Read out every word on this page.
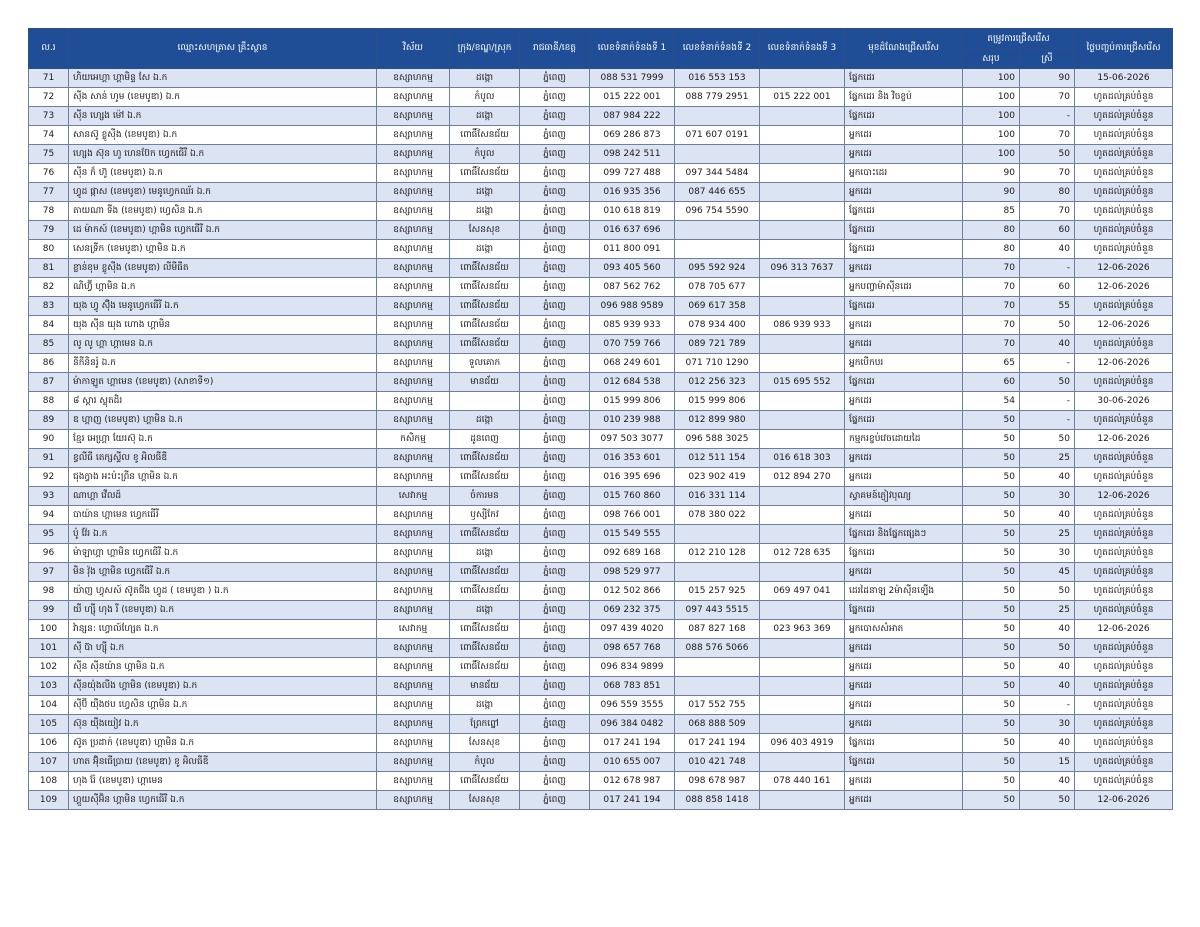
ល.រ	ឈ្មោះសហគ្រាស គ្រឹះស្ថាន	វិស័យ	ក្រុង/ខណ្ឌ/ស្រុក	រាជធានី/ខេត្ត	លេខទំនាក់ទំនងទី 1	លេខទំនាក់ទំនងទី 2	លេខទំនាក់ទំនងទី 3	មុខដំណែងជ្រើសរើស	តម្រូវការជ្រើសរើស		ថ្ងៃបញ្ចប់ការជ្រើសរើស
									សរុប	ស្រី	
71	ហិយអេហ្គា ហ្គាមិន្ទ សែ ឯ.ក	ឧស្សាហកម្ម	ដង្កោ	ភ្នំពេញ	088 531 7999	016 553 153		ផ្នែកដេរ	100	90	15-06-2026
72	ស៊ីង សាន់ ហូម (ខេមបូឌា) ឯ.ក	ឧស្សាហកម្ម	កំបូល	ភ្នំពេញ	015 222 001	088 779 2951	015 222 001	ផ្នែកដេរ និង វិចខ្ចប់	100	70	ហូតដល់គ្រប់ចំនួន
73	ស៊ីន ហ្សេង ម៉ៅ ឯ.ក	ឧស្សាហកម្ម	ដង្កោ	ភ្នំពេញ	087 984 222			ផ្នែកដេរ	100	-	ហូតដល់គ្រប់ចំនួន
74	សានស៊ូ ខ្លូស៊ីង (ខេមបូឌា) ឯ.ក	ឧស្សាហកម្ម	ពោធិ៍សែនជ័យ	ភ្នំពេញ	069 286 873	071 607 0191		អ្នកដេរ	100	70	ហូតដល់គ្រប់ចំនួន
75	ហ្សេង ស៊ុន ហូ ហេនប៊ែក ហ្វេកធើរី ឯ.ក	ឧស្សាហកម្ម	កំបូល	ភ្នំពេញ	098 242 511			អ្នកដេរ	100	50	ហូតដល់គ្រប់ចំនួន
76	ស៊ីន ក៏ ហ៊ូ (ខេមបូឌា) ឯ.ក	ឧស្សាហកម្ម	ពោធិ៍សែនជ័យ	ភ្នំពេញ	099 727 488	097 344 5484		អ្នកបោះដេរ	90	70	ហូតដល់គ្រប់ចំនួន
77	ហ្វូដ ផ្កាស (ខេមបូឌា) មេនូហ្វេកឈ័រ ឯ.ក	ឧស្សាហកម្ម	ដង្កោ	ភ្នំពេញ	016 935 356	087 446 655		អ្នកដេរ	90	80	ហូតដល់គ្រប់ចំនួន
78	តាយណា ទីង (ខេមបូឌា) ហ្វេសិន ឯ.ក	ឧស្សាហកម្ម	ដង្កោ	ភ្នំពេញ	010 618 819	096 754 5590		ផ្នែកដេរ	85	70	ហូតដល់គ្រប់ចំនួន
79	ដេ ម៉ាកស៍ (ខេមបូឌា) ហ្គាមិន ហ្វេកធើរី ឯ.ក	ឧស្សាហកម្ម	សែនសុខ	ភ្នំពេញ	016 637 696			ផ្នែកដេរ	80	60	ហូតដល់គ្រប់ចំនួន
80	សេនទ្រីក (ខេមបូឌា) ហ្គាមិន ឯ.ក	ឧស្សាហកម្ម	ដង្កោ	ភ្នំពេញ	011 800 091			ផ្នែកដេរ	80	40	ហូតដល់គ្រប់ចំនួន
81	ខ្លាន់ខុម ខ្លូស៊ីង (ខេមបូឌា) លីមីធីត	ឧស្សាហកម្ម	ពោធិ៍សែនជ័យ	ភ្នំពេញ	093 405 560	095 592 924	096 313 7637	អ្នកដេរ	70	-	12-06-2026
82	ណិហ្វ៊ី ហ្គាមិន ឯ.ក	ឧស្សាហកម្ម	ពោធិ៍សែនជ័យ	ភ្នំពេញ	087 562 762	078 705 677		អ្នកបញ្ចាម៉ាស៊ីនដេរ	70	60	12-06-2026
83	យុង ហ្វូ ស៊ុីង មេនូហ្វេកធើរី ឯ.ក	ឧស្សាហកម្ម	ពោធិ៍សែនជ័យ	ភ្នំពេញ	096 988 9589	069 617 358		ផ្នែកដេរ	70	55	ហូតដល់គ្រប់ចំនួន
84	យុង ស៊ីន យុង ហោង ហ្គាមិន	ឧស្សាហកម្ម	ពោធិ៍សែនជ័យ	ភ្នំពេញ	085 939 933	078 934 400	086 939 933	អ្នកដេរ	70	50	12-06-2026
85	លូ លូ ហ្គា ហ្គាមេន ឯ.ក	ឧស្សាហកម្ម	ពោធិ៍សែនជ័យ	ភ្នំពេញ	070 759 766	089 721 789		អ្នកដេរ	70	40	ហូតដល់គ្រប់ចំនួន
86	នីកីនិនរ៉ូ ឯ.ក	ឧស្សាហកម្ម	ទួលគោក	ភ្នំពេញ	068 249 601	071 710 1290		អ្នកបើកបរ	65	-	12-06-2026
87	ម៉ាកាឡូត ហ្គាមេន (ខេមបូឌា) (សាខាទី១)	ឧស្សាហកម្ម	មានជ័យ	ភ្នំពេញ	012 684 538	012 256 323	015 695 552	ផ្នែកដេរ	60	50	ហូតដល់គ្រប់ចំនួន
88	៨ ស្តារ ស្លុតដិរ	ឧស្សាហកម្ម		ភ្នំពេញ	015 999 806	015 999 806		អ្នកដេរ	54	-	30-06-2026
89	ឌ ហ្គាញ (ខេមបូឌា) ហ្គាមិន ឯ.ក	ឧស្សាហកម្ម	ដង្កោ	ភ្នំពេញ	010 239 988	012 899 980		ផ្នែកដេរ	50	-	ហូតដល់គ្រប់ចំនួន
90	ខ្មែរ អេហ្គ្រា យែរស៊ុ ឯ.ក	កសិកម្ម	ដូនពេញ	ភ្នំពេញ	097 503 3077	096 588 3025		កម្មករខ្ចប់វេចដោយដៃ	50	50	12-06-2026
91	ខ្វលីធី តេក្សស្ទីល ខូ អិលធីឌី	ឧស្សាហកម្ម	ពោធិ៍សែនជ័យ	ភ្នំពេញ	016 353 601	012 511 154	016 618 303	អ្នកដេរ	50	25	ហូតដល់គ្រប់ចំនួន
92	ជុងក្វាង អះប៉ះព្រីន ហ្គាមិន ឯ.ក	ឧស្សាហកម្ម	ពោធិ៍សែនជ័យ	ភ្នំពេញ	016 395 696	023 902 419	012 894 270	អ្នកដេរ	50	40	ហូតដល់គ្រប់ចំនួន
93	ណាហ្គា វើលដ៍	សេវាកម្ម	ចំការមន	ភ្នំពេញ	015 760 860	016 331 114		ស្វាគមន៍ភ្ញៀវបុណ្យ	50	30	12-06-2026
94	បាយ៉ាន ហ្គាមេន ហ្វេកធើរី	ឧស្សាហកម្ម	ឫស្សីកែវ	ភ្នំពេញ	098 766 001	078 380 022		អ្នកដេរ	50	40	ហូតដល់គ្រប់ចំនួន
95	ប៉ូ វ៉ែរ ឯ.ក	ឧស្សាហកម្ម	ពោធិ៍សែនជ័យ	ភ្នំពេញ	015 549 555			ផ្នែកដេរ និងផ្នែកផ្សេងៗ	50	25	ហូតដល់គ្រប់ចំនួន
96	ម៉ាឡាហ្គា ហ្គាមិន ហ្វេកធើរី ឯ.ក	ឧស្សាហកម្ម	ដង្កោ	ភ្នំពេញ	092 689 168	012 210 128	012 728 635	ផ្នែកដេរ	50	30	ហូតដល់គ្រប់ចំនួន
97	មិន វ៉ុង ហ្គាមិន ហ្វេកធើរី ឯ.ក	ឧស្សាហកម្ម	ពោធិ៍សែនជ័យ	ភ្នំពេញ	098 529 977			អ្នកដេរ	50	45	ហូតដល់គ្រប់ចំនួន
98	យ៉ាញ ហ្វុសស៍ ស៊ូតជីង ហ្វូដ ( ខេមបូឌា ) ឯ.ក	ឧស្សាហកម្ម	ពោធិ៍សែនជ័យ	ភ្នំពេញ	012 502 866	015 257 925	069 497 041	ដេរដៃនាឡ 2ម៉ាស៊ីនទ្បើង	50	50	ហូតដល់គ្រប់ចំនួន
99	យី ហ្សុី ហុង រី (ខេមបូឌា) ឯ.ក	ឧស្សាហកម្ម	ដង្កោ	ភ្នំពេញ	069 232 375	097 443 5515		ផ្នែកដេរ	50	25	ហូតដល់គ្រប់ចំនួន
100	វ៉ាន្សន: ហ្វោល៍ហ្សែត ឯ.ក	សេវាកម្ម	ពោធិ៍សែនជ័យ	ភ្នំពេញ	097 439 4020	087 827 168	023 963 369	អ្នកបោសសំអាត	50	40	12-06-2026
101	ស៊ី ប៊ា ហ្ស៊ី ឯ.ក	ឧស្សាហកម្ម	ពោធិ៍សែនជ័យ	ភ្នំពេញ	098 657 768	088 576 5066		អ្នកដេរ	50	50	ហូតដល់គ្រប់ចំនួន
102	ស៊ីន ស៊ីនយ៉ាន ហ្គាមិន ឯ.ក	ឧស្សាហកម្ម	ពោធិ៍សែនជ័យ	ភ្នំពេញ	096 834 9899			អ្នកដេរ	50	40	ហូតដល់គ្រប់ចំនួន
103	ស៊ីនយ៉ុងលីង ហ្គាមិន (ខេមបូឌា) ឯ.ក	ឧស្សាហកម្ម	មានជ័យ	ភ្នំពេញ	068 783 851			អ្នកដេរ	50	40	ហូតដល់គ្រប់ចំនួន
104	ស៊ីប៊ី យ៉ឹងថប ហ្វេសិន ហ្គាមិន ឯ.ក	ឧស្សាហកម្ម	ដង្កោ	ភ្នំពេញ	096 559 3555	017 552 755		អ្នកដេរ	50	-	ហូតដល់គ្រប់ចំនួន
105	ស៊ុន យ៉ឹងយៀវ ឯ.ក	ឧស្សាហកម្ម	ព្រែកព្នៅ	ភ្នំពេញ	096 384 0482	068 888 509		អ្នកដេរ	50	30	ហូតដល់គ្រប់ចំនួន
106	ស៊ូត ប្រដាក់ (ខេមបូឌា) ហ្គាមិន ឯ.ក	ឧស្សាហកម្ម	សែនសុខ	ភ្នំពេញ	017 241 194	017 241 194	096 403 4919	ផ្នែកដេរ	50	40	ហូតដល់គ្រប់ចំនួន
107	ហាត អ៊ុិនធើប្រាយ (ខេមបូឌា) ខូ អិលធីឌី	ឧស្សាហកម្ម	កំបូល	ភ្នំពេញ	010 655 007	010 421 748		ផ្នែកដេរ	50	15	ហូតដល់គ្រប់ចំនួន
108	ហុង រ៉ែ (ខេមបូឌា) ហ្គាមេន	ឧស្សាហកម្ម	ពោធិ៍សែនជ័យ	ភ្នំពេញ	012 678 987	098 678 987	078 440 161	អ្នកដេរ	50	40	ហូតដល់គ្រប់ចំនួន
109	ហ្គួយស៊ីអ៊ិន ហ្គាមិន ហ្វេកធើរី ឯ.ក	ឧស្សាហកម្ម	សែនសុខ	ភ្នំពេញ	017 241 194	088 858 1418		អ្នកដេរ	50	50	12-06-2026
